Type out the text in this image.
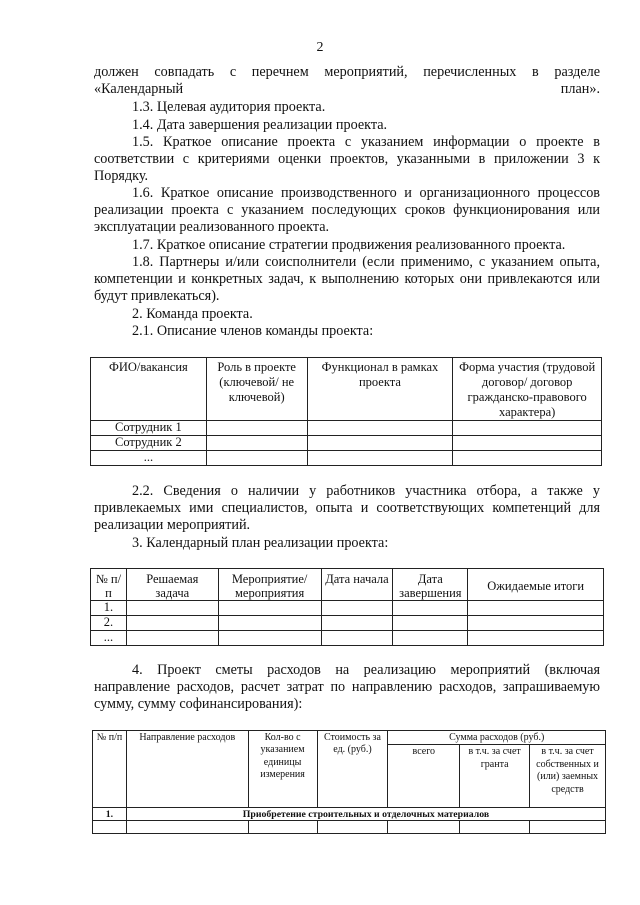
2
должен совпадать с перечнем мероприятий, перечисленных в разделе «Календарный план».
1.3. Целевая аудитория проекта.
1.4. Дата завершения реализации проекта.
1.5. Краткое описание проекта с указанием информации о проекте в соответствии с критериями оценки проектов, указанными в приложении 3 к Порядку.
1.6. Краткое описание производственного и организационного процессов реализации проекта с указанием последующих сроков функционирования или эксплуатации реализованного проекта.
1.7. Краткое описание стратегии продвижения реализованного проекта.
1.8. Партнеры и/или соисполнители (если применимо, с указанием опыта, компетенции и конкретных задач, к выполнению которых они привлекаются или будут привлекаться).
2. Команда проекта.
2.1. Описание членов команды проекта:
ФИО/вакансия	Роль в проекте (ключевой/ не ключевой)	Функционал в рамках проекта	Форма участия (трудовой договор/ договор гражданско-правового характера)
Сотрудник 1			
Сотрудник 2			
...			
2.2. Сведения о наличии у работников участника отбора, а также у привлекаемых ими специалистов, опыта и соответствующих компетенций для реализации мероприятий.
3. Календарный план реализации проекта:
№ п/п	Решаемая задача	Мероприятие/ мероприятия	Дата начала	Дата завершения	Ожидаемые итоги
1.					
2.					
...					
4. Проект сметы расходов на реализацию мероприятий (включая направление расходов, расчет затрат по направлению расходов, запрашиваемую сумму, сумму софинансирования):
№ п/п	Направление расходов	Кол-во с указанием единицы измерения	Стоимость за ед. (руб.)	Сумма расходов (руб.)		
				всего	в т.ч. за счет гранта	в т.ч. за счет собственных и (или) заемных средств
1.	Приобретение строительных и отделочных материалов					
